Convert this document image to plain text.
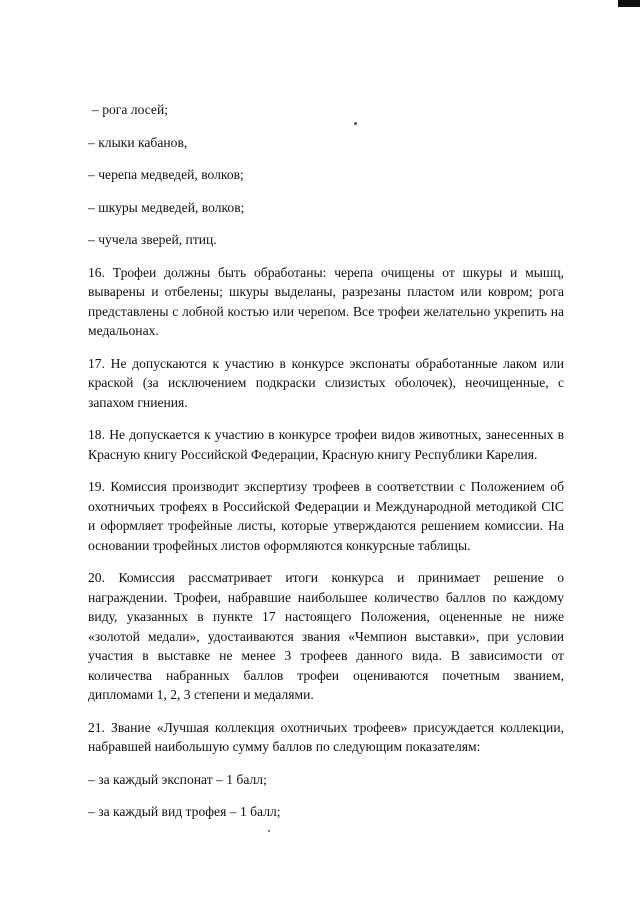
– рога лосей;
– клыки кабанов,
– черепа медведей, волков;
– шкуры медведей, волков;
– чучела зверей, птиц.

16. Трофеи должны быть обработаны: черепа очищены от шкуры и мышц, выварены и отбелены; шкуры выделаны, разрезаны пластом или ковром; рога представлены с лобной костью или черепом. Все трофеи желательно укрепить на медальонах.

17. Не допускаются к участию в конкурсе экспонаты обработанные лаком или краской (за исключением подкраски слизистых оболочек), неочищенные, с запахом гниения.

18. Не допускается к участию в конкурсе трофеи видов животных, занесенных в Красную книгу Российской Федерации, Красную книгу Республики Карелия.

19. Комиссия производит экспертизу трофеев в соответствии с Положением об охотничьих трофеях в Российской Федерации и Международной методикой CIC и оформляет трофейные листы, которые утверждаются решением комиссии. На основании трофейных листов оформляются конкурсные таблицы.

20. Комиссия рассматривает итоги конкурса и принимает решение о награждении. Трофеи, набравшие наибольшее количество баллов по каждому виду, указанных в пункте 17 настоящего Положения, оцененные не ниже «золотой медали», удостаиваются звания «Чемпион выставки», при условии участия в выставке не менее 3 трофеев данного вида. В зависимости от количества набранных баллов трофеи оцениваются почетным званием, дипломами 1, 2, 3 степени и медалями.

21. Звание «Лучшая коллекция охотничьих трофеев» присуждается коллекции, набравшей наибольшую сумму баллов по следующим показателям:

– за каждый экспонат – 1 балл;
– за каждый вид трофея – 1 балл;
